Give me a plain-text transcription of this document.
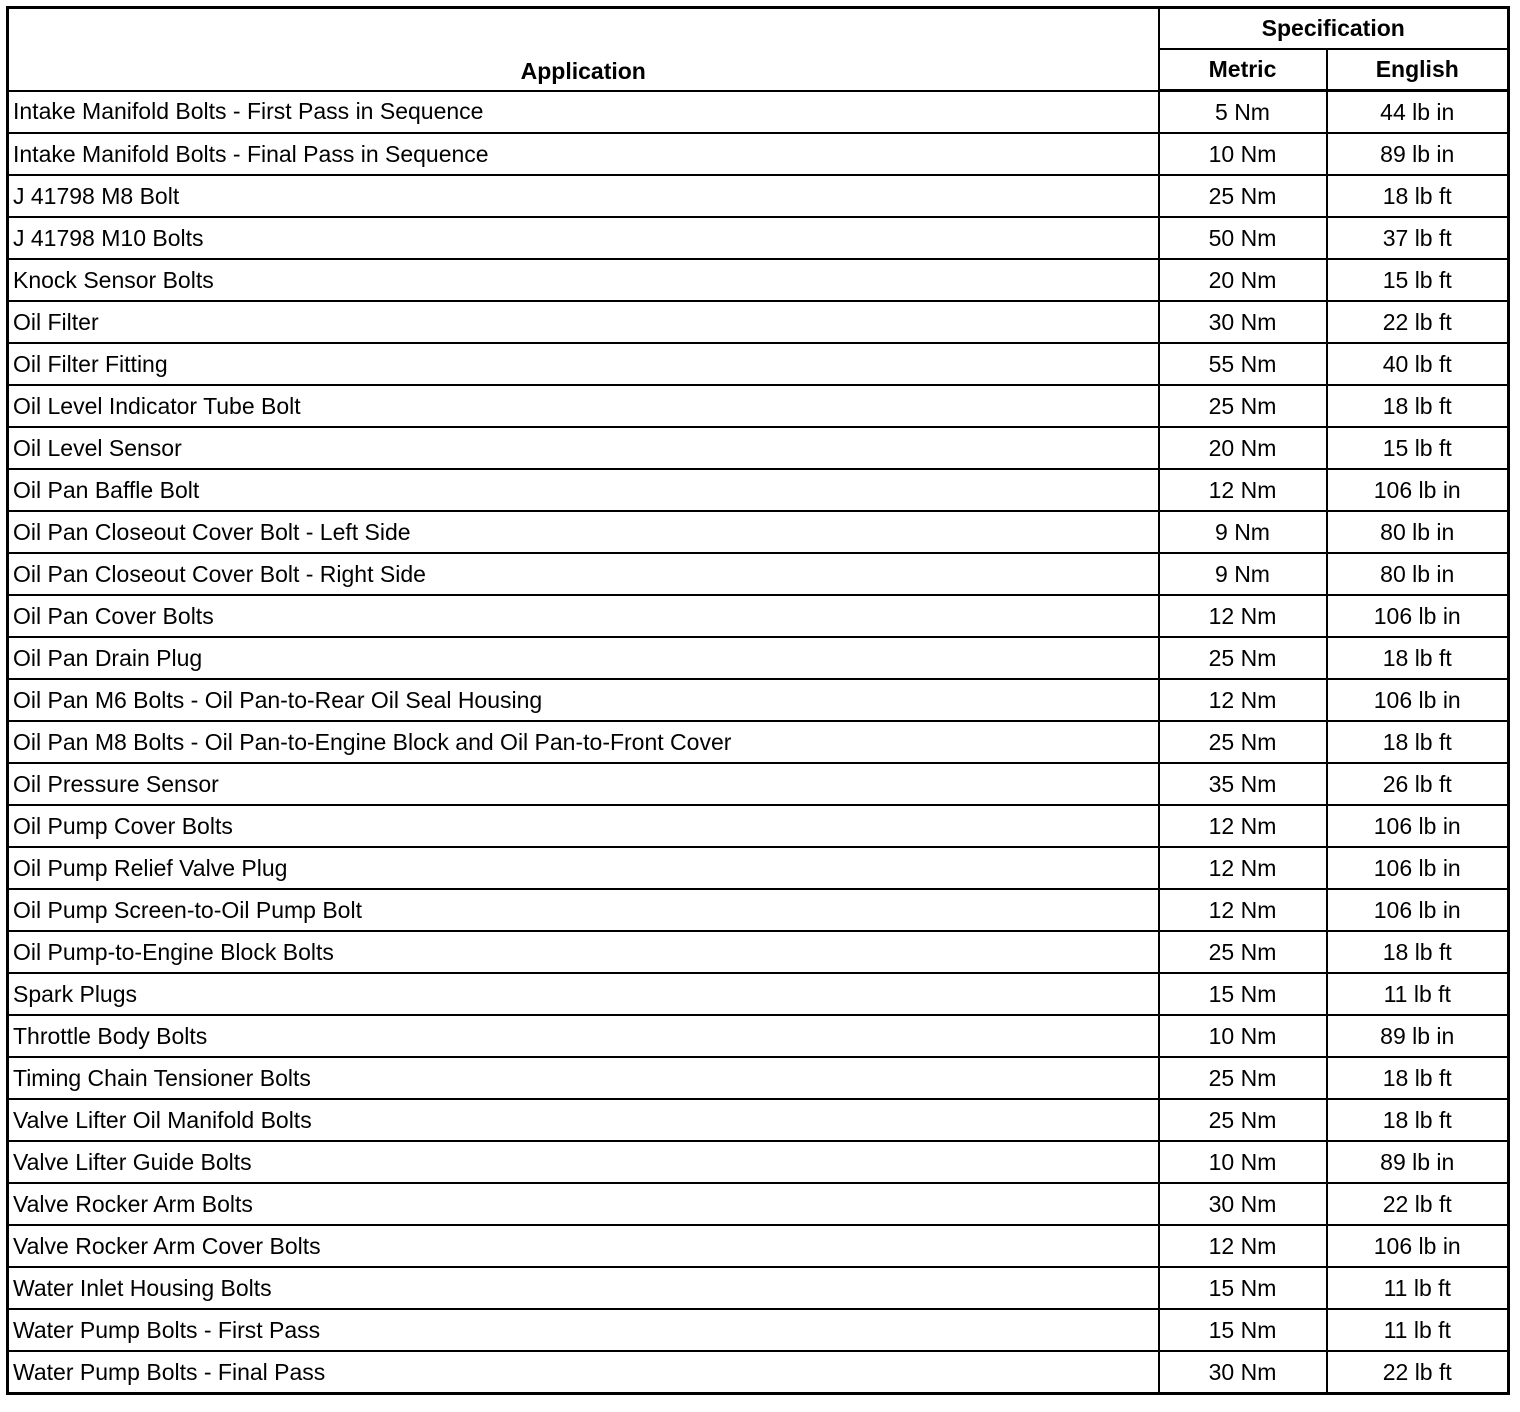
Application	Specification	
	Metric	English
Intake Manifold Bolts - First Pass in Sequence	5 Nm	44 lb in
Intake Manifold Bolts - Final Pass in Sequence	10 Nm	89 lb in
J 41798 M8 Bolt	25 Nm	18 lb ft
J 41798 M10 Bolts	50 Nm	37 lb ft
Knock Sensor Bolts	20 Nm	15 lb ft
Oil Filter	30 Nm	22 lb ft
Oil Filter Fitting	55 Nm	40 lb ft
Oil Level Indicator Tube Bolt	25 Nm	18 lb ft
Oil Level Sensor	20 Nm	15 lb ft
Oil Pan Baffle Bolt	12 Nm	106 lb in
Oil Pan Closeout Cover Bolt - Left Side	9 Nm	80 lb in
Oil Pan Closeout Cover Bolt - Right Side	9 Nm	80 lb in
Oil Pan Cover Bolts	12 Nm	106 lb in
Oil Pan Drain Plug	25 Nm	18 lb ft
Oil Pan M6 Bolts - Oil Pan-to-Rear Oil Seal Housing	12 Nm	106 lb in
Oil Pan M8 Bolts - Oil Pan-to-Engine Block and Oil Pan-to-Front Cover	25 Nm	18 lb ft
Oil Pressure Sensor	35 Nm	26 lb ft
Oil Pump Cover Bolts	12 Nm	106 lb in
Oil Pump Relief Valve Plug	12 Nm	106 lb in
Oil Pump Screen-to-Oil Pump Bolt	12 Nm	106 lb in
Oil Pump-to-Engine Block Bolts	25 Nm	18 lb ft
Spark Plugs	15 Nm	11 lb ft
Throttle Body Bolts	10 Nm	89 lb in
Timing Chain Tensioner Bolts	25 Nm	18 lb ft
Valve Lifter Oil Manifold Bolts	25 Nm	18 lb ft
Valve Lifter Guide Bolts	10 Nm	89 lb in
Valve Rocker Arm Bolts	30 Nm	22 lb ft
Valve Rocker Arm Cover Bolts	12 Nm	106 lb in
Water Inlet Housing Bolts	15 Nm	11 lb ft
Water Pump Bolts - First Pass	15 Nm	11 lb ft
Water Pump Bolts - Final Pass	30 Nm	22 lb ft
